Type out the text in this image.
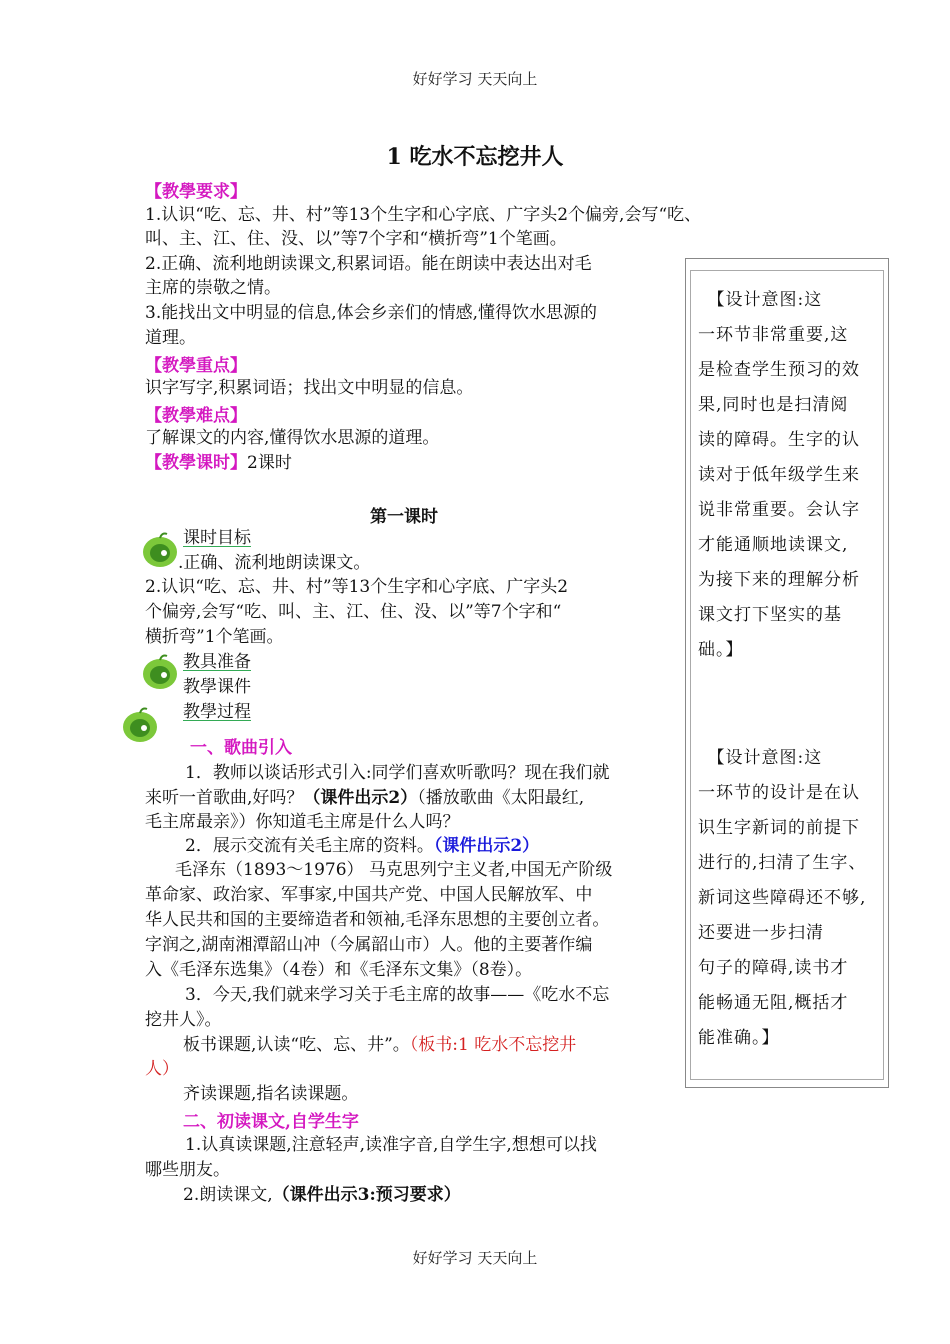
好好学习 天天向上
好好学习 天天向上
1 吃水不忘挖井人
【教學要求】
1.认识“吃、忘、井、村”等13个生字和心字底、广字头2个偏旁,会写“吃、
叫、主、江、住、没、以”等7个字和“横折弯”1个笔画。
2.正确、流利地朗读课文,积累词语。能在朗读中表达出对毛
主席的崇敬之情。
3.能找出文中明显的信息,体会乡亲们的情感,懂得饮水思源的
道理。
【教學重点】
识字写字,积累词语；找出文中明显的信息。
【教學难点】
了解课文的内容,懂得饮水思源的道理。
【教學课时】2课时
第一课时
课时目标
.正确、流利地朗读课文。
2.认识“吃、忘、井、村”等13个生字和心字底、广字头2
个偏旁,会写“吃、叫、主、江、住、没、以”等7个字和“
横折弯”1个笔画。
教具准备
教學课件
教學过程
一、歌曲引入
1．教师以谈话形式引入:同学们喜欢听歌吗？现在我们就
来听一首歌曲,好吗？（课件出示2）（播放歌曲《太阳最红,
毛主席最亲》）你知道毛主席是什么人吗？
2．展示交流有关毛主席的资料。（课件出示2）
毛泽东（1893～1976） 马克思列宁主义者,中国无产阶级
革命家、政治家、军事家,中国共产党、中国人民解放军、中
华人民共和国的主要缔造者和领袖,毛泽东思想的主要创立者。
字润之,湖南湘潭韶山冲（今属韶山市）人。他的主要著作编
入《毛泽东选集》（4卷）和《毛泽东文集》（8卷）。
3．今天,我们就来学习关于毛主席的故事——《吃水不忘
挖井人》。
板书课题,认读“吃、忘、井”。（板书:1 吃水不忘挖井
人）
齐读课题,指名读课题。
二、初读课文,自学生字
1.认真读课题,注意轻声,读准字音,自学生字,想想可以找
哪些朋友。
2.朗读课文,（课件出示3:预习要求）

　【设计意图:这

一环节非常重要,这

是检查学生预习的效

果,同时也是扫清阅

读的障碍。生字的认

读对于低年级学生来

说非常重要。会认字

才能通顺地读课文,

为接下来的理解分析

课文打下坚实的基

础。】

　【设计意图:这

一环节的设计是在认

识生字新词的前提下

进行的,扫清了生字、

新词这些障碍还不够,

还要进一步扫清

句子的障碍,读书才

能畅通无阻,概括才

能准确。】
